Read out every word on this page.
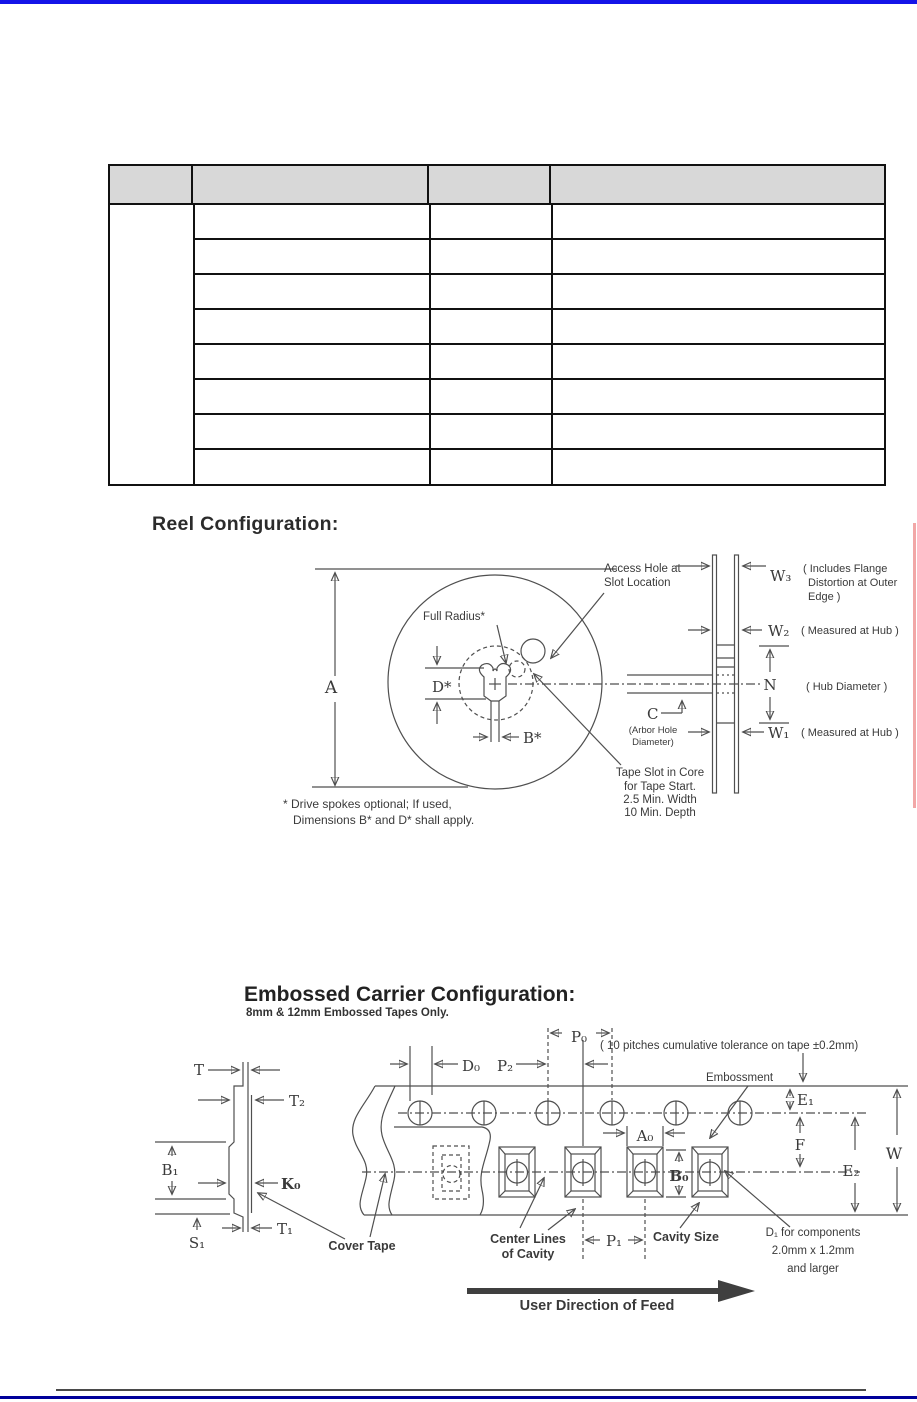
Reel Configuration:
A	D*
B*
Full Radius*
Access Hole at
Slot Location
Tape Slot in Core
for Tape Start.
2.5 Min. Width
10 Min. Depth
C
(Arbor Hole
Diameter)
* Drive spokes optional; If used,
Dimensions B* and D* shall apply.
W₃ ( Includes Flange
Distortion at Outer
Edge )
W₂ ( Measured at Hub )
N	( Hub Diameter )
W₁ ( Measured at Hub )
Embossed Carrier Configuration:
8mm & 12mm Embossed Tapes Only.
T
T₂
B₁
K₀
S₁
T₁
Cover Tape
P₀ ( 10 pitches cumulative tolerance on tape ±0.2mm)
D₀ P₂
Embossment
A₀
B₀
E₁
F
E₂
W
Center Lines
of Cavity
P₁ Cavity Size	D₁ for components
2.0mm x 1.2mm
and larger
User Direction of Feed
